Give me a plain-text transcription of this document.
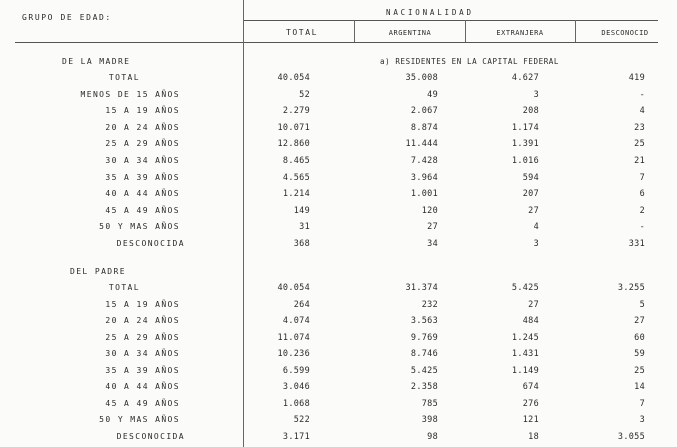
GRUPO DE EDAD:
NACIONALIDAD
TOTAL	ARGENTINA	EXTRANJERA	DESCONOCID
a) RESIDENTES EN LA CAPITAL FEDERAL
DE LA MADRE
TOTAL	40.054	35.008	4.627	419
MENOS DE 15 AÑOS	52	49	3	-
15 A 19 AÑOS	2.279	2.067	208	4
20 A 24 AÑOS	10.071	8.874	1.174	23
25 A 29 AÑOS	12.860	11.444	1.391	25
30 A 34 AÑOS	8.465	7.428	1.016	21
35 A 39 AÑOS	4.565	3.964	594	7
40 A 44 AÑOS	1.214	1.001	207	6
45 A 49 AÑOS	149	120	27	2
50 Y MAS AÑOS	31	27	4	-
DESCONOCIDA	368	34	3	331
DEL PADRE
TOTAL	40.054	31.374	5.425	3.255
15 A 19 AÑOS	264	232	27	5
20 A 24 AÑOS	4.074	3.563	484	27
25 A 29 AÑOS	11.074	9.769	1.245	60
30 A 34 AÑOS	10.236	8.746	1.431	59
35 A 39 AÑOS	6.599	5.425	1.149	25
40 A 44 AÑOS	3.046	2.358	674	14
45 A 49 AÑOS	1.068	785	276	7
50 Y MAS AÑOS	522	398	121	3
DESCONOCIDA	3.171	98	18	3.055
